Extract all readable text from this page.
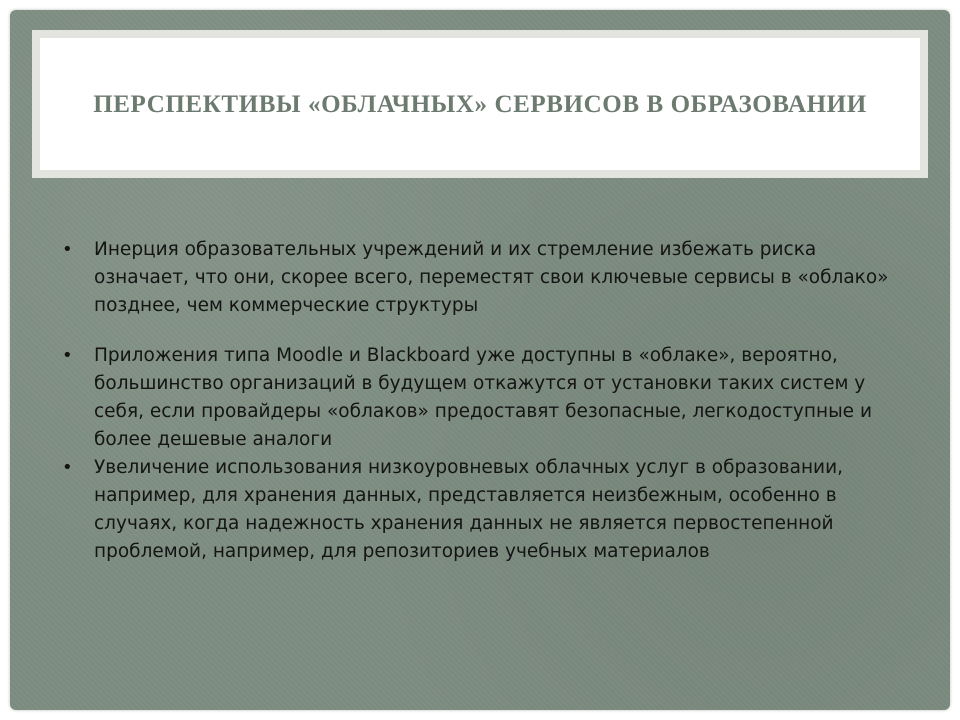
ПЕРСПЕКТИВЫ «ОБЛАЧНЫХ» СЕРВИСОВ В ОБРАЗОВАНИИ
• Инерция образовательных учреждений и их стремление избежать риска означает, что они, скорее всего, переместят свои ключевые сервисы в «облако» позднее, чем коммерческие структуры
• Приложения типа Moodle и Blackboard уже доступны в «облаке», вероятно, большинство организаций в будущем откажутся от установки таких систем у себя, если провайдеры «облаков» предоставят безопасные, легкодоступные и более дешевые аналоги
• Увеличение использования низкоуровневых облачных услуг в образовании, например, для хранения данных, представляется неизбежным, особенно в случаях, когда надежность хранения данных не является первостепенной проблемой, например, для репозиториев учебных материалов
